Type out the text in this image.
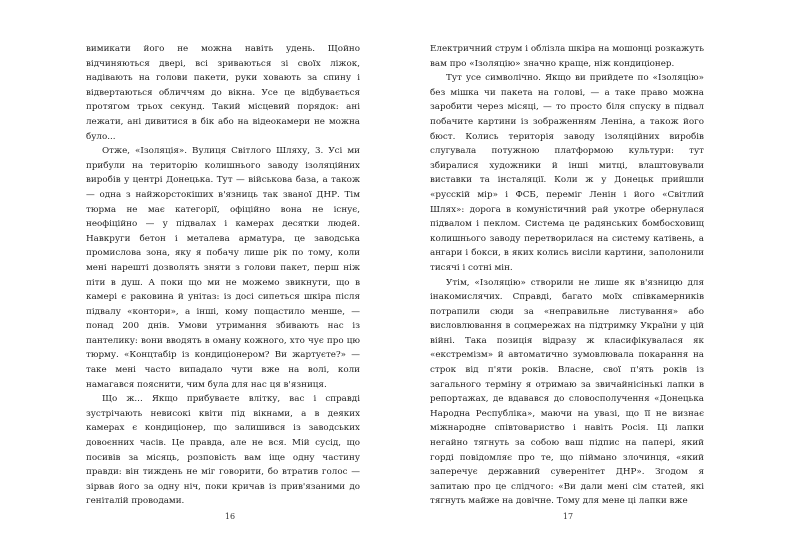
вимикати його не можна навіть удень. Щойно відчиняються двері, всі зриваються зі своїх ліжок, надівають на голови пакети, руки ховають за спину і відвертаються обличчям до вікна. Усе це відбувається протягом трьох секунд. Такий місцевий порядок: ані лежати, ані дивитися в бік або на відеокамери не можна було...

Отже, «Ізоляція». Вулиця Світлого Шляху, 3. Усі ми прибули на територію колишнього заводу ізоляційних виробів у центрі Донецька. Тут — військова база, а також — одна з найжорстокіших в'язниць так званої ДНР. Тім тюрма не має категорії, офіційно вона не існує, неофіційно — у підвалах і камерах десятки людей. Навкруги бетон і металева арматура, це заводська промислова зона, яку я побачу лише рік по тому, коли мені нарешті дозволять зняти з голови пакет, перш ніж піти в душ. А поки що ми не можемо звикнути, що в камері є раковина й унітаз: із досі сипеться шкіра після підвалу «контори», а інші, кому пощастило менше, — понад 200 днів. Умови утримання збивають нас із пантелику: вони вводять в оману кожного, хто чує про цю тюрму. «Концтабір із кондиціонером? Ви жартуєте?» — таке мені часто випадало чути вже на волі, коли намагався пояснити, чим була для нас ця в'язниця.

Що ж... Якщо прибуваєте влітку, вас і справді зустрічають невисокі квіти під вікнами, а в деяких камерах є кондиціонер, що залишився із заводських довоєнних часів. Це правда, але не вся. Мій сусід, що посивів за місяць, розповість вам іще одну частину правди: він тиждень не міг говорити, бо втратив голос — зірвав його за одну ніч, поки кричав із прив'язаними до геніталій проводами.

Електричний струм і облізла шкіра на мошонці розкажуть вам про «Ізоляцію» значно краще, ніж кондиціонер.

Тут усе символічно. Якщо ви прийдете по «Ізоляцію» без мішка чи пакета на голові, — а таке право можна заробити через місяці, — то просто біля спуску в підвал побачите картини із зображенням Леніна, а також його бюст. Колись територія заводу ізоляційних виробів слугувала потужною платформою культури: тут збиралися художники й інші митці, влаштовували виставки та інсталяції. Коли ж у Донецьк прийшли «русскій мір» і ФСБ, переміг Ленін і його «Світлий Шлях»: дорога в комуністичний рай укотре обернулася підвалом і пеклом. Система це радянських бомбосховищ колишнього заводу перетворилася на систему катівень, а ангари і бокси, в яких колись висіли картини, заполонили тисячі і сотні мін.

Утім, «Ізоляцію» створили не лише як в'язницю для інакомислячих. Справді, багато моїх співкамерників потрапили сюди за «неправильне листування» або висловлювання в соцмережах на підтримку України у цій війні. Така позиція відразу ж класифікувалася як «екстремізм» й автоматично зумовлювала покарання на строк від п'яти років. Власне, свої п'ять років із загального терміну я отримаю за звичайнісінькі лапки в репортажах, де вдавався до словосполучення «Донецька Народна Республіка», маючи на увазі, що її не визнає міжнародне співтовариство і навіть Росія. Ці лапки негайно тягнуть за собою ваш підпис на папері, який горді повідомляє про те, що піймано злочинця, «який заперечує державний суверенітет ДНР». Згодом я запитаю про це слідчого: «Ви дали мені сім статей, які тягнуть майже на довічне. Тому для мене ці лапки вже

16	17
